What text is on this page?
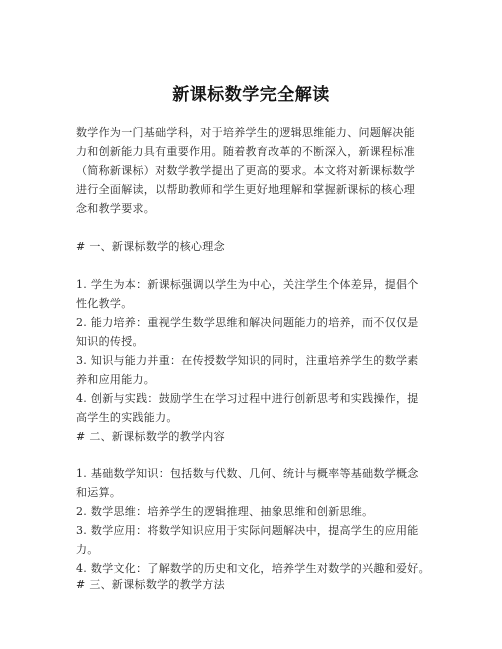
新课标数学完全解读
数学作为一门基础学科，对于培养学生的逻辑思维能力、问题解决能
力和创新能力具有重要作用。随着教育改革的不断深入，新课程标准
（简称新课标）对数学教学提出了更高的要求。本文将对新课标数学
进行全面解读，以帮助教师和学生更好地理解和掌握新课标的核心理
念和教学要求。
# 一、新课标数学的核心理念
1. 学生为本：新课标强调以学生为中心，关注学生个体差异，提倡个
性化教学。
2. 能力培养：重视学生数学思维和解决问题能力的培养，而不仅仅是
知识的传授。
3. 知识与能力并重：在传授数学知识的同时，注重培养学生的数学素
养和应用能力。
4. 创新与实践：鼓励学生在学习过程中进行创新思考和实践操作，提
高学生的实践能力。
# 二、新课标数学的教学内容
1. 基础数学知识：包括数与代数、几何、统计与概率等基础数学概念
和运算。
2. 数学思维：培养学生的逻辑推理、抽象思维和创新思维。
3. 数学应用：将数学知识应用于实际问题解决中，提高学生的应用能
力。
4. 数学文化：了解数学的历史和文化，培养学生对数学的兴趣和爱好。
# 三、新课标数学的教学方法
